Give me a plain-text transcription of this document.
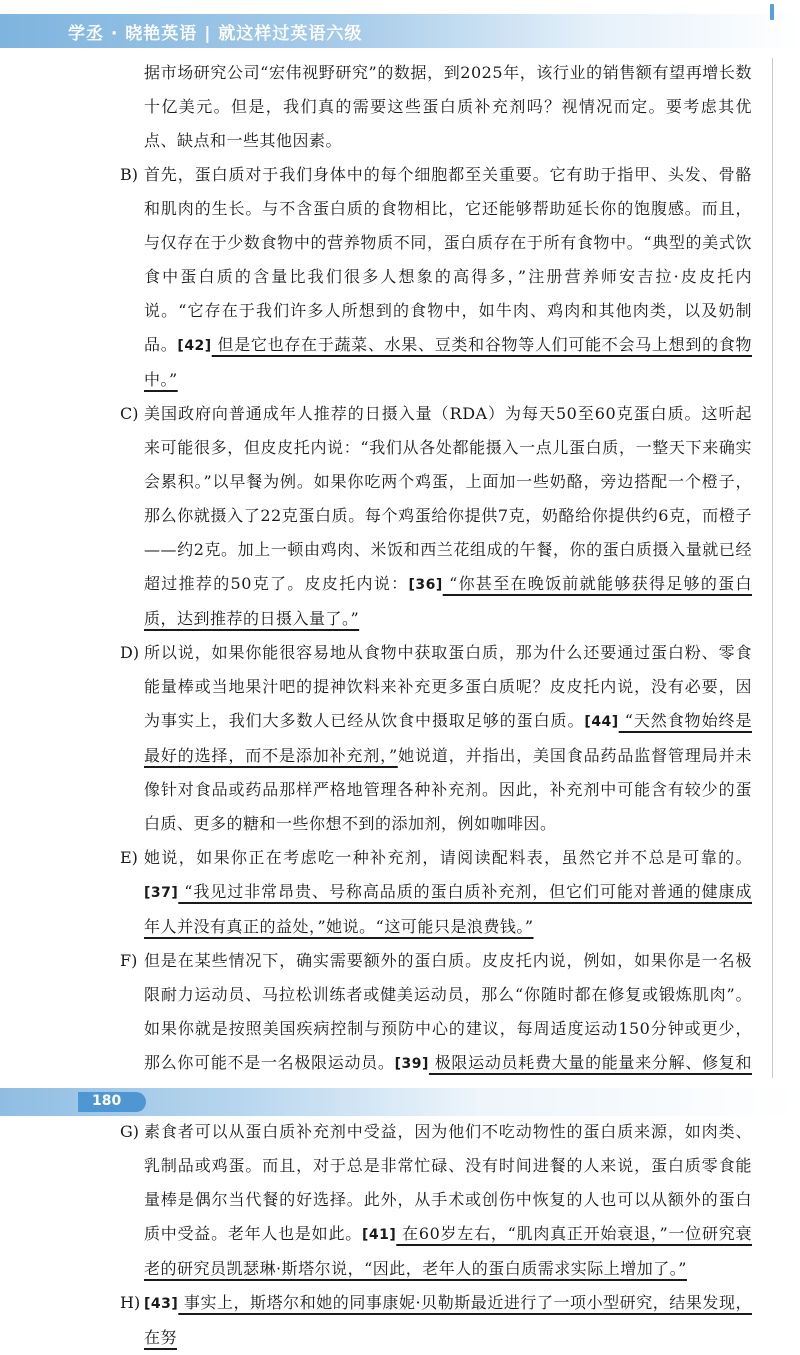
学丞 · 晓艳英语 | 就这样过英语六级
据市场研究公司“宏伟视野研究”的数据，到2025年，该行业的销售额有望再增长数十亿美元。但是，我们真的需要这些蛋白质补充剂吗？视情况而定。要考虑其优点、缺点和一些其他因素。
B) 首先，蛋白质对于我们身体中的每个细胞都至关重要。它有助于指甲、头发、骨骼和肌肉的生长。与不含蛋白质的食物相比，它还能够帮助延长你的饱腹感。而且，与仅存在于少数食物中的营养物质不同，蛋白质存在于所有食物中。“典型的美式饮食中蛋白质的含量比我们很多人想象的高得多，”注册营养师安吉拉·皮皮托内说。“它存在于我们许多人所想到的食物中，如牛肉、鸡肉和其他肉类，以及奶制品。[42] 但是它也存在于蔬菜、水果、豆类和谷物等人们可能不会马上想到的食物中。”
C) 美国政府向普通成年人推荐的日摄入量（RDA）为每天50至60克蛋白质。这听起来可能很多，但皮皮托内说：“我们从各处都能摄入一点儿蛋白质，一整天下来确实会累积。”以早餐为例。如果你吃两个鸡蛋，上面加一些奶酪，旁边搭配一个橙子，那么你就摄入了22克蛋白质。每个鸡蛋给你提供7克，奶酪给你提供约6克，而橙子——约2克。加上一顿由鸡肉、米饭和西兰花组成的午餐，你的蛋白质摄入量就已经超过推荐的50克了。皮皮托内说：[36] “你甚至在晚饭前就能够获得足够的蛋白质，达到推荐的日摄入量了。”
D) 所以说，如果你能很容易地从食物中获取蛋白质，那为什么还要通过蛋白粉、零食能量棒或当地果汁吧的提神饮料来补充更多蛋白质呢？皮皮托内说，没有必要，因为事实上，我们大多数人已经从饮食中摄取足够的蛋白质。[44] “天然食物始终是最好的选择，而不是添加补充剂，”她说道，并指出，美国食品药品监督管理局并未像针对食品或药品那样严格地管理各种补充剂。因此，补充剂中可能含有较少的蛋白质、更多的糖和一些你想不到的添加剂，例如咖啡因。
E) 她说，如果你正在考虑吃一种补充剂，请阅读配料表，虽然它并不总是可靠的。[37] “我见过非常昂贵、号称高品质的蛋白质补充剂，但它们可能对普通的健康成年人并没有真正的益处，”她说。“这可能只是浪费钱。”
F) 但是在某些情况下，确实需要额外的蛋白质。皮皮托内说，例如，如果你是一名极限耐力运动员、马拉松训练者或健美运动员，那么“你随时都在修复或锻炼肌肉”。如果你就是按照美国疾病控制与预防中心的建议，每周适度运动150分钟或更少，那么你可能不是一名极限运动员。[39] 极限运动员耗费大量的能量来分解、修复和
G) 素食者可以从蛋白质补充剂中受益，因为他们不吃动物性的蛋白质来源，如肉类、乳制品或鸡蛋。而且，对于总是非常忙碌、没有时间进餐的人来说，蛋白质零食能量棒是偶尔当代餐的好选择。此外，从手术或创伤中恢复的人也可以从额外的蛋白质中受益。老年人也是如此。[41] 在60岁左右，“肌肉真正开始衰退，”一位研究衰老的研究员凯瑟琳·斯塔尔说，“因此，老年人的蛋白质需求实际上增加了。”
H) [43] 事实上，斯塔尔和她的同事康妮·贝勒斯最近进行了一项小型研究，结果发现，在努
180
